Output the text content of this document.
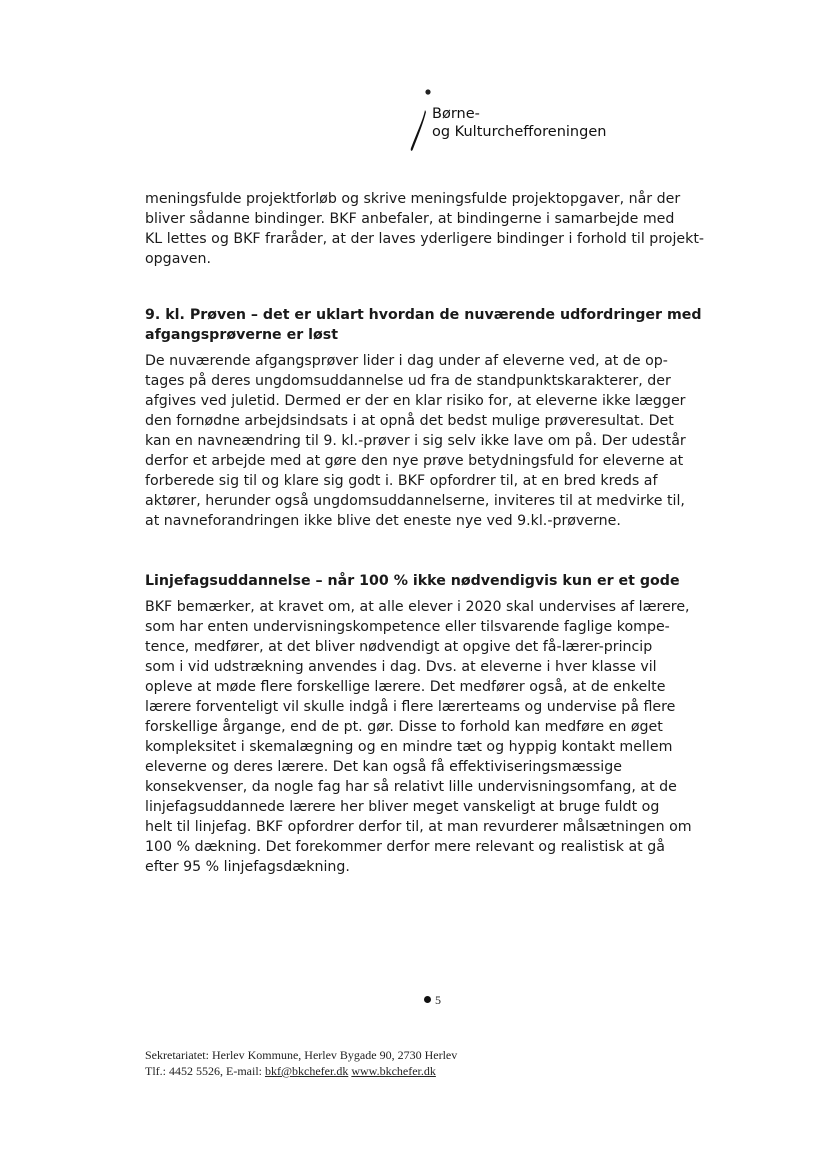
Børne-
og Kulturchefforeningen

meningsfulde projektforløb og skrive meningsfulde projektopgaver, når der

bliver sådanne bindinger. BKF anbefaler, at bindingerne i samarbejde med

KL lettes og BKF fraråder, at der laves yderligere bindinger i forhold til projekt-

opgaven.

9. kl. Prøven – det er uklart hvordan de nuværende udfordringer med

afgangsprøverne er løst

De nuværende afgangsprøver lider i dag under af eleverne ved, at de op-

tages på deres ungdomsuddannelse ud fra de standpunktskarakterer, der

afgives ved juletid. Dermed er der en klar risiko for, at eleverne ikke lægger

den fornødne arbejdsindsats i at opnå det bedst mulige prøveresultat. Det

kan en navneændring til 9. kl.-prøver i sig selv ikke lave om på. Der udestår

derfor et arbejde med at gøre den nye prøve betydningsfuld for eleverne at

forberede sig til og klare sig godt i. BKF opfordrer til, at en bred kreds af

aktører, herunder også ungdomsuddannelserne, inviteres til at medvirke til,

at navneforandringen ikke blive det eneste nye ved 9.kl.-prøverne.

Linjefagsuddannelse – når 100 % ikke nødvendigvis kun er et gode

BKF bemærker, at kravet om, at alle elever i 2020 skal undervises af lærere,

som har enten undervisningskompetence eller tilsvarende faglige kompe-

tence, medfører, at det bliver nødvendigt at opgive det få-lærer-princip

som i vid udstrækning anvendes i dag. Dvs. at eleverne i hver klasse vil

opleve at møde flere forskellige lærere. Det medfører også, at de enkelte

lærere forventeligt vil skulle indgå i flere lærerteams og undervise på flere

forskellige årgange, end de pt. gør. Disse to forhold kan medføre en øget

kompleksitet i skemalægning og en mindre tæt og hyppig kontakt mellem

eleverne og deres lærere. Det kan også få effektiviseringsmæssige

konsekvenser, da nogle fag har så relativt lille undervisningsomfang, at de

linjefagsuddannede lærere her bliver meget vanskeligt at bruge fuldt og

helt til linjefag. BKF opfordrer derfor til, at man revurderer målsætningen om

100 % dækning. Det forekommer derfor mere relevant og realistisk at gå

efter 95 % linjefagsdækning.

5
Sekretariatet: Herlev Kommune, Herlev Bygade 90, 2730 Herlev
Tlf.: 4452 5526, E-mail: bkf@bkchefer.dk www.bkchefer.dk
